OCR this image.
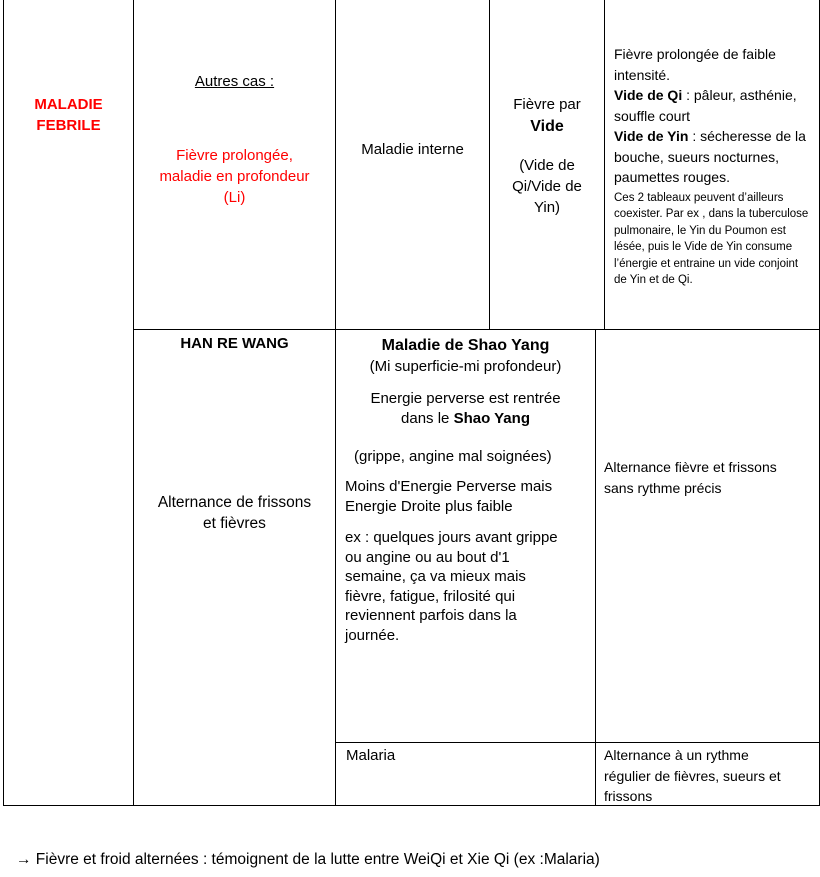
MALADIE

FEBRILE

Autres cas :

Fièvre prolongée,

maladie en profondeur

(Li)

Maladie interne

Fièvre par

Vide

(Vide de

Qi/Vide de

Yin)

Fièvre prolongée de faible intensité.

Vide de Qi : pâleur, asthénie, souffle court

Vide de Yin : sécheresse de la bouche, sueurs nocturnes, paumettes rouges.

Ces 2 tableaux peuvent d’ailleurs coexister. Par ex , dans la tuberculose pulmonaire, le Yin du Poumon est lésée, puis le Vide de Yin consume l’énergie et entraine un vide conjoint de Yin et de Qi.

HAN RE WANG

Alternance de frissons

et fièvres

Maladie de Shao Yang

(Mi superficie-mi profondeur)

Energie perverse est rentrée

dans le Shao Yang

(grippe, angine mal soignées)

Moins d'Energie Perverse mais

Energie Droite plus faible

ex : quelques jours avant grippe

ou angine ou au bout d'1

semaine, ça va mieux mais

fièvre, fatigue, frilosité qui

reviennent parfois dans la

journée.

Alternance fièvre et frissons

sans rythme précis

Malaria	Alternance à un rythme

régulier de fièvres, sueurs et

frissons

→ Fièvre et froid alternées : témoignent de la lutte entre WeiQi et Xie Qi (ex :Malaria)
